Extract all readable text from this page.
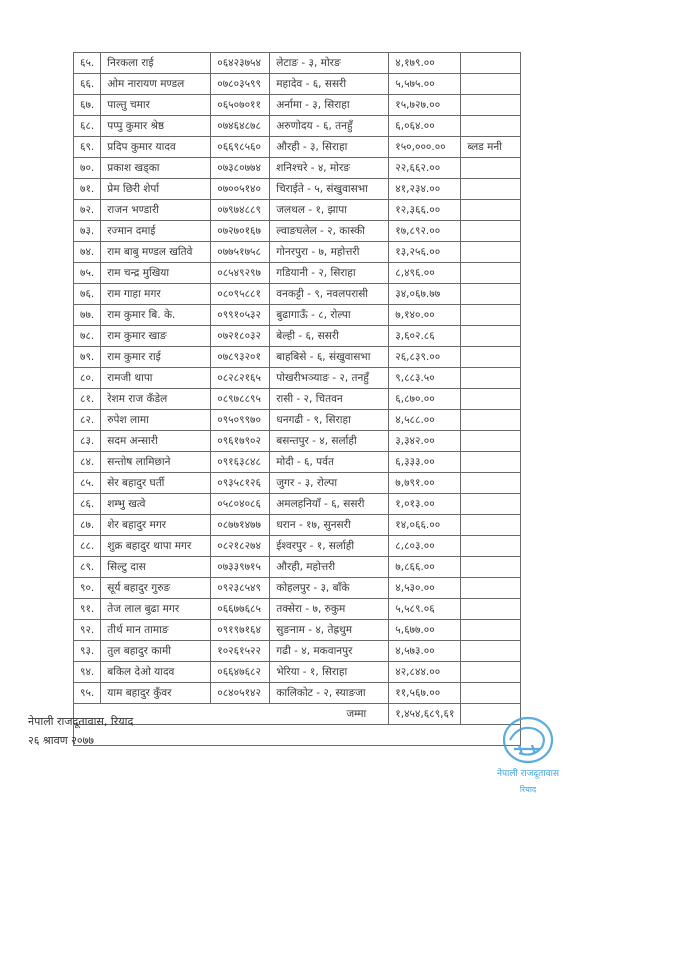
६५.	निरकला राई	०६४२३७५४	लेटाङ - ३, मोरङ	४,१७९.००	
६६.	ओम नारायण मण्डल	०७८०३५९९	महादेव - ६, ससरी	५,५७५.००	
६७.	पाल्तु चमार	०६५०७०११	अर्नामा - ३, सिराहा	१५,७२७.००	
६८.	पप्पु कुमार श्रेष्ठ	०७४६४८७८	अरुणोदय - ६, तनहुँ	६,०६४.००	
६९.	प्रदिप कुमार यादव	०६६९८५६०	औरही - ३, सिराहा	१५०,०००.००	ब्लड मनी
७०.	प्रकाश खड्का	०७३८०७७४	शनिश्चरे - ४, मोरङ	२२,६६२.००	
७१.	प्रेम छिरी शेर्पा	०७००५१४०	चिराईते - ५, संखुवासभा	४१,२३४.००	
७२.	राजन भण्डारी	०७९७४८८९	जलथल - १, झापा	१२,३६६.००	
७३.	रज्मान दमाई	०७२७०१६७	ल्वाङघलेल - २, कास्की	१७,८९२.००	
७४.	राम बाबु मण्डल खतिवे	०७७५१७५८	गोनरपुरा - ७, महोत्तरी	१३,२५६.००	
७५.	राम चन्द्र मुखिया	०८५४९२९७	गडियानी - २, सिराहा	८,४९६.००	
७६.	राम गाहा मगर	०८०९५८८१	वनकट्टी - ९, नवलपरासी	३४,०६७.७७	
७७.	राम कुमार बि. के.	०९९१०५३२	बुढागाऊँ - ८, रोल्पा	७,१४०.००	
७८.	राम कुमार खाङ	०७२१८०३२	बेल्ही - ६, ससरी	३,६०२.८६	
७९.	राम कुमार राई	०७८९३२०१	बाहबिसे - ६, संखुवासभा	२६,८३९.००	
८०.	रामजी थापा	०८२८२१६५	पोखरीभञ्याङ - २, तनहुँ	९,८८३.५०	
८१.	रेशम राज कँडेल	०८९७८८९५	रासी - २, चितवन	६,८७०.००	
८२.	रुपेश लामा	०९५०९९७०	धनगढी - ९, सिराहा	४,५८८.००	
८३.	सदम अन्सारी	०९६१७९०२	बसन्तपुर - ४, सर्लाही	३,३४२.००	
८४.	सन्तोष लामिछाने	०९१६३८४८	मोदी - ६, पर्वत	६,३३३.००	
८५.	सेर बहादुर घर्ती	०९३५८१२६	जुगर - ३, रोल्पा	७,७९१.००	
८६.	शम्भु खत्वे	०५८०४०८६	अमलहनियाँ - ६, ससरी	१,०१३.००	
८७.	शेर बहादुर मगर	०८७७१४७७	धरान - १७, सुनसरी	१४,०६६.००	
८८.	शुक्र बहादुर थापा मगर	०८२१८२७४	ईश्वरपुर - १, सर्लाही	८,८०३.००	
८९.	सिल्टु दास	०७३३९७१५	औरही, महोत्तरी	७,८६६.००	
९०.	सूर्य बहादुर गुरुङ	०९२३८५४९	कोहलपुर - ३, बाँके	४,५३०.००	
९१.	तेज लाल बुढा मगर	०६६७७६८५	तक्सेरा - ७, रुकुम	५,५८९.०६	
९२.	तीर्थ मान तामाङ	०९१९७१६४	सुङनाम - ४, तेह्रथुम	५,६७७.००	
९३.	तुल बहादुर कामी	१०२६१५२२	गढी - ४, मकवानपुर	४,५७३.००	
९४.	बकिल देओ यादव	०६६४७६८२	भेरिया - १, सिराहा	४२,८४४.००	
९५.	याम बहादुर कुँवर	०८४०५१४२	कालिकोट - २, स्याङजा	११,५६७.००	
जम्मा				१,४५४,६८९,६१	

नेपाली राजदूतावास, रियाद
२६ श्रावण २०७७
नेपाली राजदूतावास
रियाद
